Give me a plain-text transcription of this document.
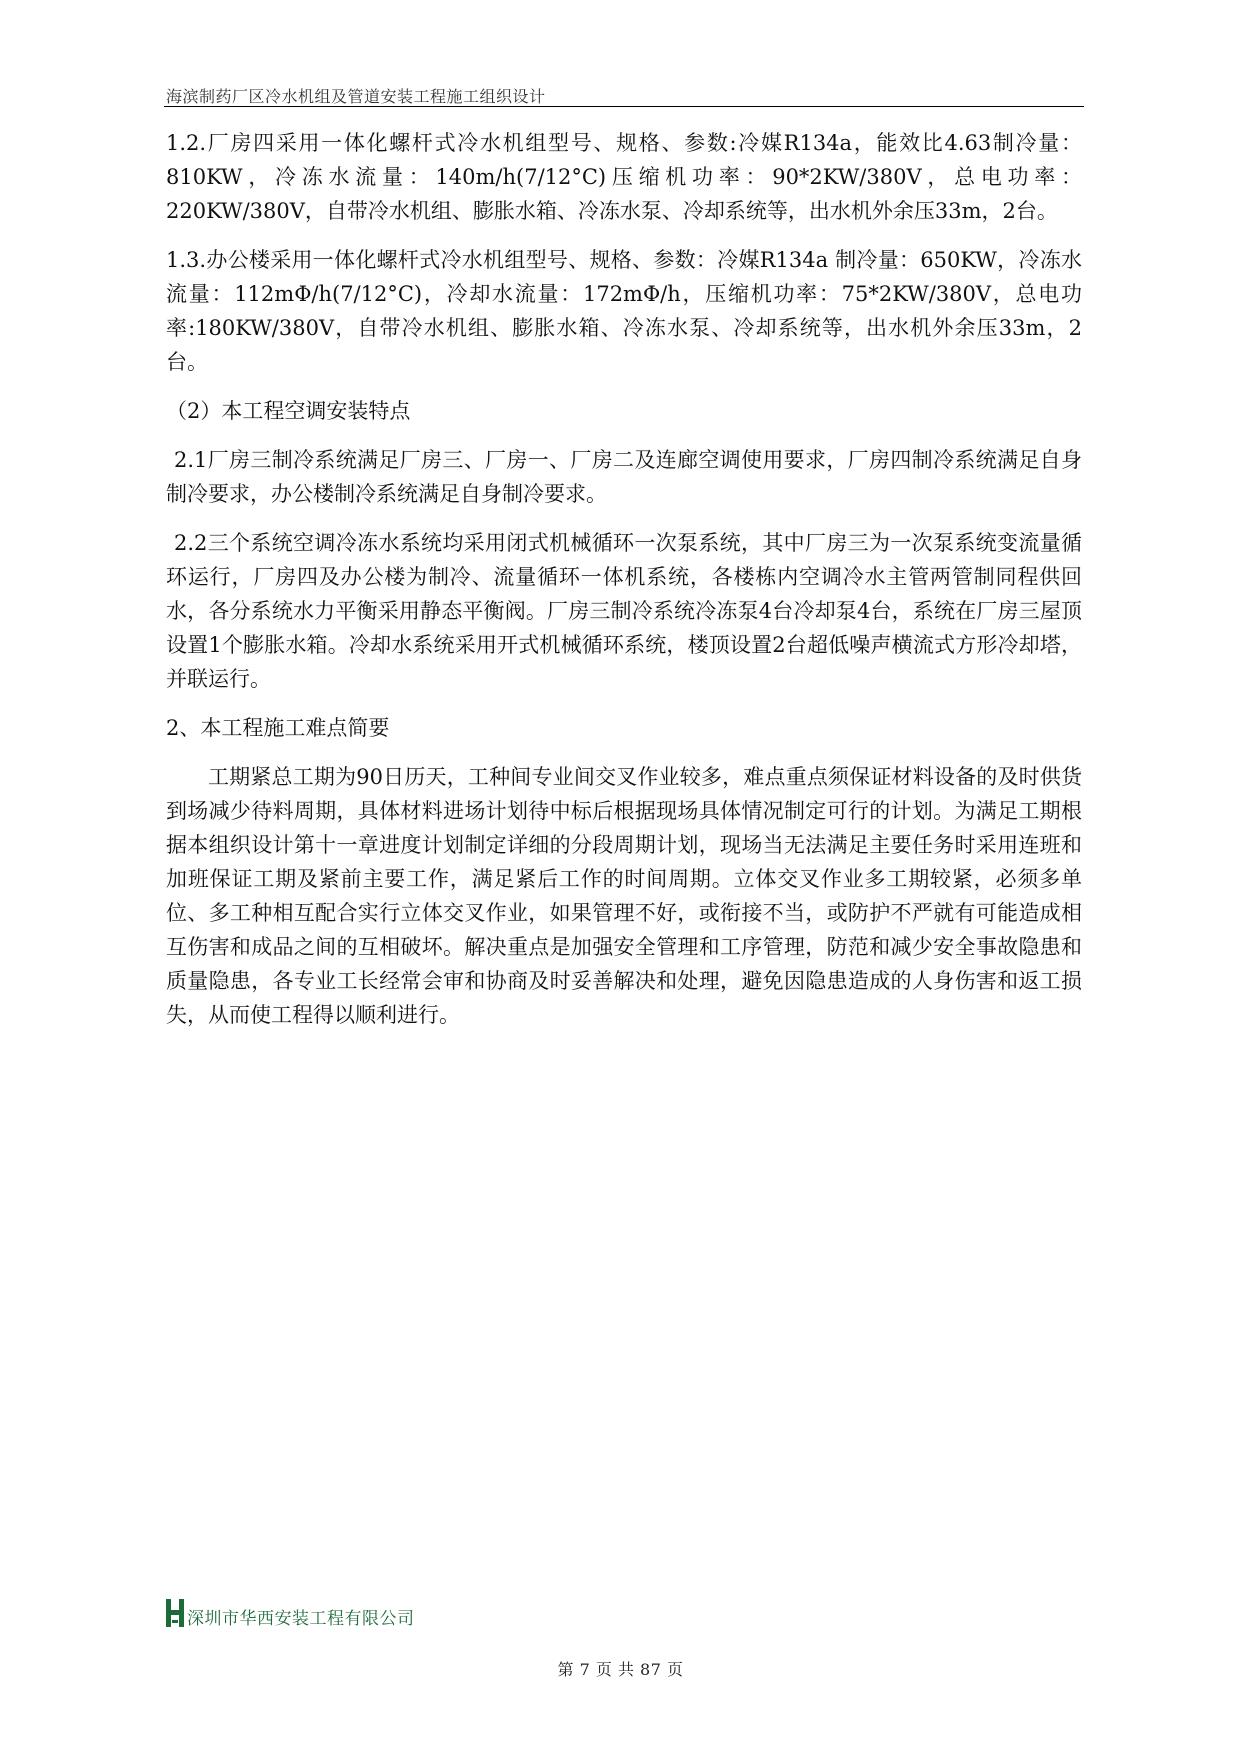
海滨制药厂区冷水机组及管道安装工程施工组织设计

1.2.厂房四采用一体化螺杆式冷水机组型号、规格、参数:冷媒R134a，能效比4.63制冷量：810KW，冷冻水流量：140m/h(7/12°C)压缩机功率：90*2KW/380V，总电功率：220KW/380V，自带冷水机组、膨胀水箱、冷冻水泵、冷却系统等，出水机外余压33m，2台。

1.3.办公楼采用一体化螺杆式冷水机组型号、规格、参数：冷媒R134a 制冷量：650KW，冷冻水流量：112mΦ/h(7/12°C)，冷却水流量：172mΦ/h，压缩机功率：75*2KW/380V，总电功率:180KW/380V，自带冷水机组、膨胀水箱、冷冻水泵、冷却系统等，出水机外余压33m，2台。

（2）本工程空调安装特点

2.1厂房三制冷系统满足厂房三、厂房一、厂房二及连廊空调使用要求，厂房四制冷系统满足自身制冷要求，办公楼制冷系统满足自身制冷要求。

2.2三个系统空调冷冻水系统均采用闭式机械循环一次泵系统，其中厂房三为一次泵系统变流量循环运行，厂房四及办公楼为制冷、流量循环一体机系统，各楼栋内空调冷水主管两管制同程供回水，各分系统水力平衡采用静态平衡阀。厂房三制冷系统冷冻泵4台冷却泵4台，系统在厂房三屋顶设置1个膨胀水箱。冷却水系统采用开式机械循环系统，楼顶设置2台超低噪声横流式方形冷却塔，并联运行。

2、本工程施工难点简要

工期紧总工期为90日历天，工种间专业间交叉作业较多，难点重点须保证材料设备的及时供货到场减少待料周期，具体材料进场计划待中标后根据现场具体情况制定可行的计划。为满足工期根据本组织设计第十一章进度计划制定详细的分段周期计划，现场当无法满足主要任务时采用连班和加班保证工期及紧前主要工作，满足紧后工作的时间周期。立体交叉作业多工期较紧，必须多单位、多工种相互配合实行立体交叉作业，如果管理不好，或衔接不当，或防护不严就有可能造成相互伤害和成品之间的互相破坏。解决重点是加强安全管理和工序管理，防范和减少安全事故隐患和质量隐患，各专业工长经常会审和协商及时妥善解决和处理，避免因隐患造成的人身伤害和返工损失，从而使工程得以顺利进行。

深圳市华西安装工程有限公司
第 7 页 共 87 页
